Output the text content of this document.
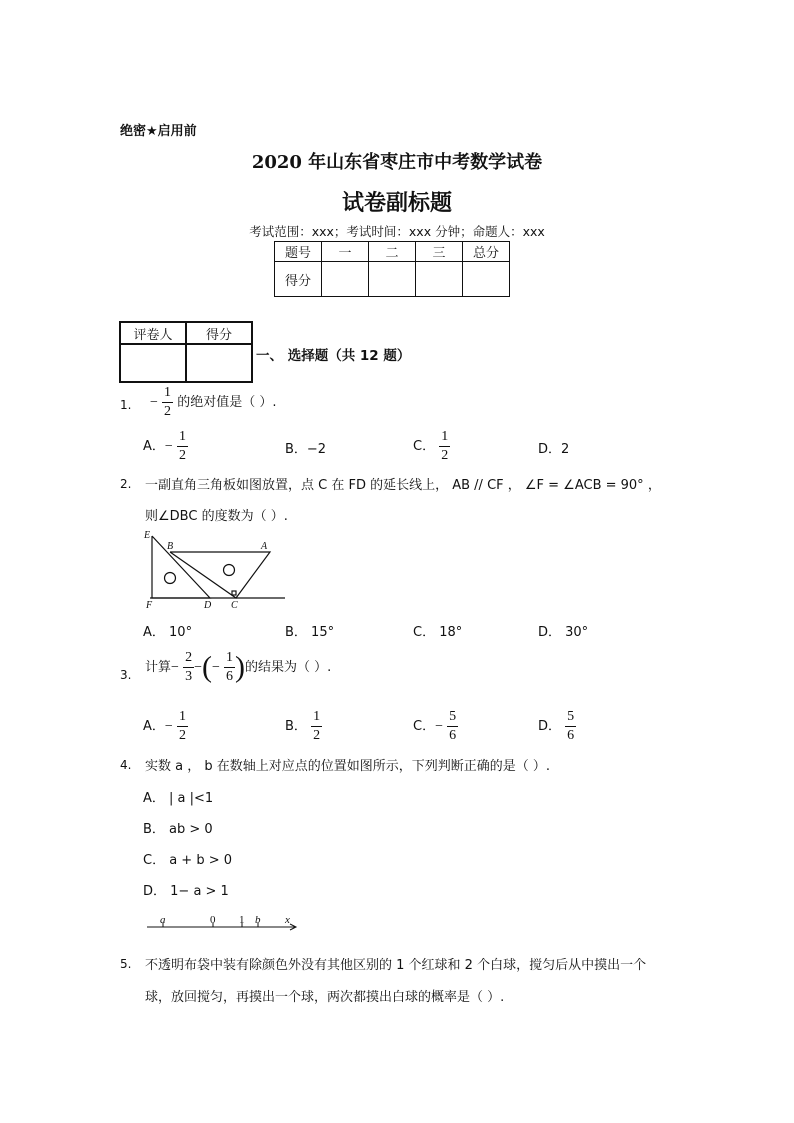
绝密★启用前
2020 年山东省枣庄市中考数学试卷
试卷副标题
考试范围：xxx；考试时间：xxx 分钟；命题人：xxx
题号	一	二	三	总分
得分				
评卷人	得分

一、 选择题（共 12 题）
1. − $\frac{1}{2}$ 的绝对值是（ ）.
A．− $\frac{1}{2}$	B．−2	C． $\frac{1}{2}$	D．2
2. 一副直角三角板如图放置，点 C 在 FD 的延长线上， AB // CF ， ∠F = ∠ACB = 90° ，
则∠DBC 的度数为（ ）.
E
B	A
F	D C
A． 10°	B． 15°	C． 18°	D． 30°
3. 计算− $\frac{2}{3}$ −(− $\frac{1}{6}$ )的结果为（ ）.
A．− $\frac{1}{2}$	B． $\frac{1}{2}$	C．− $\frac{5}{6}$	D． $\frac{5}{6}$
4. 实数 a ， b 在数轴上对应点的位置如图所示，下列判断正确的是（ ）.
A． | a |<1
B． ab > 0
C． a + b > 0
D． 1− a > 1
a	0 1 b x
5. 不透明布袋中装有除颜色外没有其他区别的 1 个红球和 2 个白球，搅匀后从中摸出一个
球，放回搅匀，再摸出一个球，两次都摸出白球的概率是（ ）.
